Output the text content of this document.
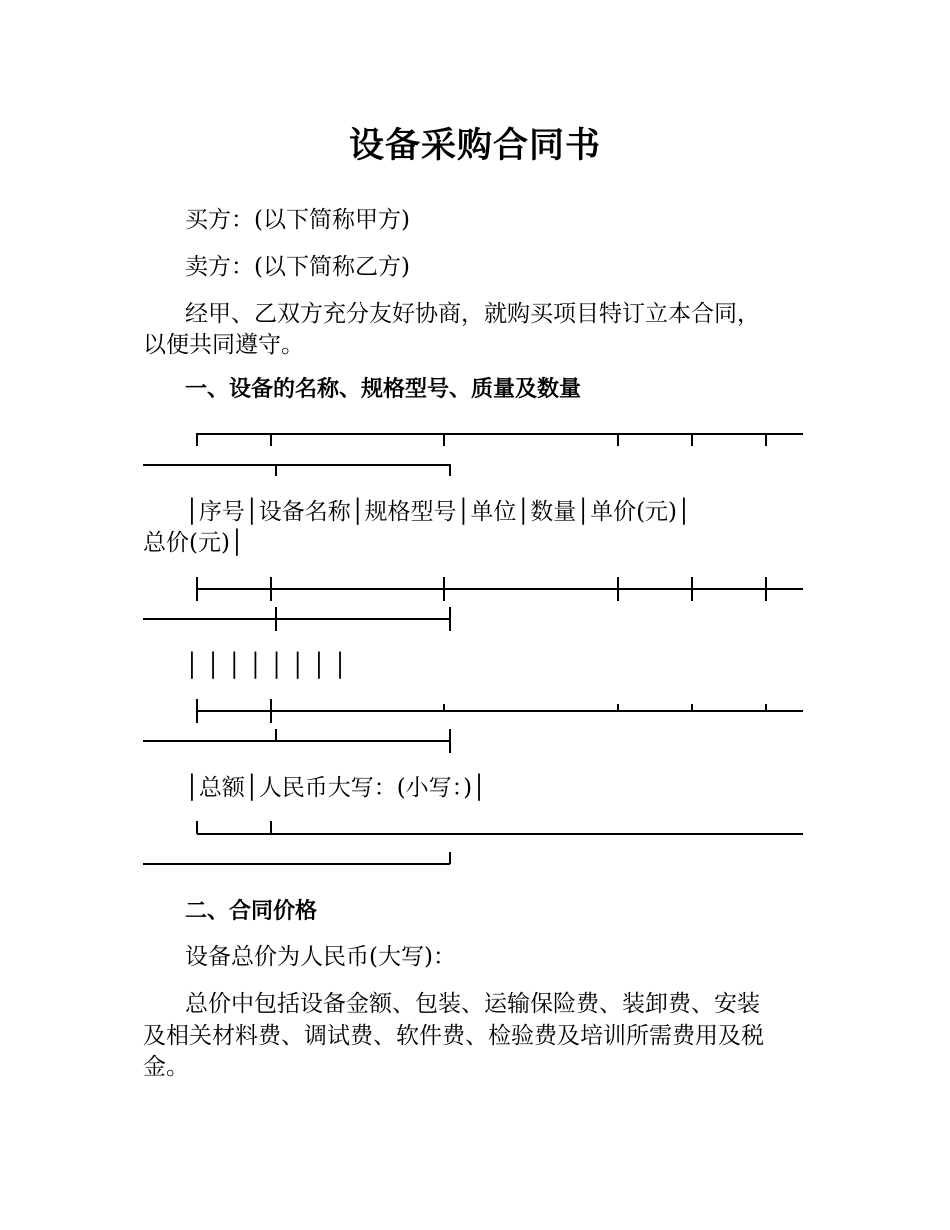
设备采购合同书
买方：(以下简称甲方)
卖方：(以下简称乙方)
经甲、乙双方充分友好协商，就购买项目特订立本合同，
以便共同遵守。
一、设备的名称、规格型号、质量及数量
│序号│设备名称│规格型号│单位│数量│单价(元)│
总价(元)│
│ │ │ │ │ │ │ │
│总额│人民币大写：(小写：)│
二、合同价格
设备总价为人民币(大写)：
总价中包括设备金额、包装、运输保险费、装卸费、安装
及相关材料费、调试费、软件费、检验费及培训所需费用及税
金。
